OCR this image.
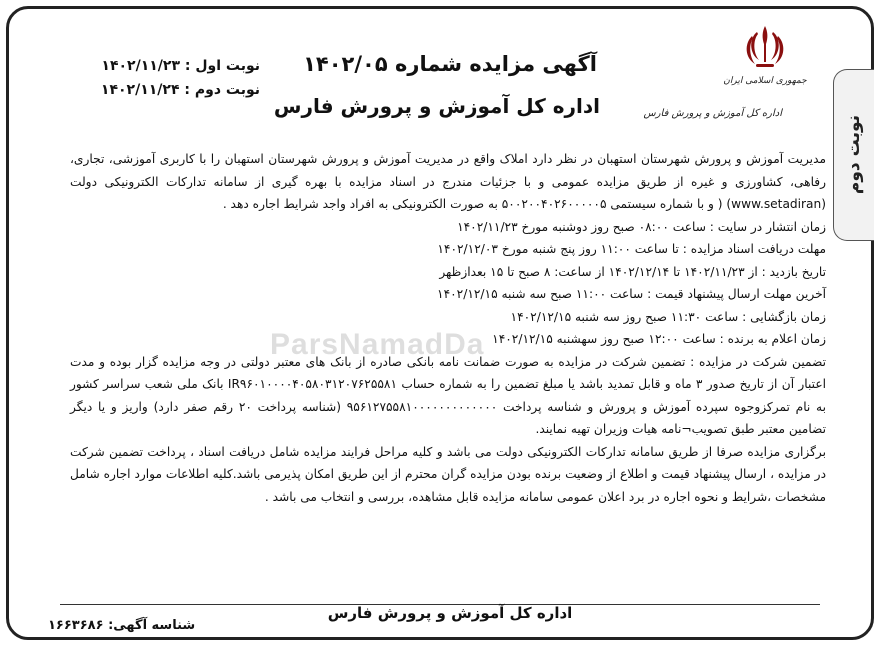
نوبت دوم
جمهوری اسلامی ایران
اداره کل آموزش و پرورش فارس
آگهی مزایده شماره ۱۴۰۲/۰۵
اداره کل آموزش و پرورش فارس
نوبت اول : ۱۴۰۲/۱۱/۲۳
نوبت دوم : ۱۴۰۲/۱۱/۲۴
ParsNamadDa

مدیریت آموزش و پرورش شهرستان استهبان در نظر دارد املاک واقع در مدیریت آموزش و پرورش شهرستان استهبان را با کاربری آموزشی، تجاری، رفاهی، کشاورزی و غیره از طریق مزایده عمومی و با جزئیات مندرج در اسناد مزایده با بهره گیری از سامانه تدارکات الکترونیکی دولت (www.setadiran) ( و با شماره سیستمی ۵۰۰۲۰۰۴۰۲۶۰۰۰۰۰۵ به صورت الکترونیکی به افراد واجد شرایط اجاره دهد .

زمان انتشار در سایت : ساعت ۰۸:۰۰ صبح روز دوشنبه مورخ ۱۴۰۲/۱۱/۲۳

مهلت دریافت اسناد مزایده : تا ساعت ۱۱:۰۰ روز پنج شنبه مورخ ۱۴۰۲/۱۲/۰۳

تاریخ بازدید : از ۱۴۰۲/۱۱/۲۳ تا ۱۴۰۲/۱۲/۱۴ از ساعت: ۸ صبح تا ۱۵ بعدازظهر

آخرین مهلت ارسال پیشنهاد قیمت : ساعت ۱۱:۰۰ صبح سه شنبه ۱۴۰۲/۱۲/۱۵

زمان بازگشایی : ساعت ۱۱:۳۰ صبح روز سه شنبه ۱۴۰۲/۱۲/۱۵

زمان اعلام به برنده : ساعت ۱۲:۰۰ صبح روز سهشنبه ۱۴۰۲/۱۲/۱۵

تضمین شرکت در مزایده : تضمین شرکت در مزایده به صورت ضمانت نامه بانکی صادره از بانک های معتبر دولتی در وجه مزایده گزار بوده و مدت اعتبار آن از تاریخ صدور ۳ ماه و قابل تمدید باشد یا مبلغ تضمین را به شماره حساب IR۹۶۰۱۰۰۰۰۴۰۵۸۰۳۱۲۰۷۶۲۵۵۸۱ بانک ملی شعب سراسر کشور به نام تمرکزوجوه سپرده آموزش و پرورش و شناسه پرداخت ۹۵۶۱۲۷۵۵۸۱۰۰۰۰۰۰۰۰۰۰۰۰۰ (شناسه پرداخت ۲۰ رقم صفر دارد) واریز و یا دیگر تضامین معتبر طبق تصویب¬نامه هیات وزیران تهیه نمایند.

برگزاری مزایده صرفا از طریق سامانه تدارکات الکترونیکی دولت می باشد و کلیه مراحل فرایند مزایده شامل دریافت اسناد ، پرداخت تضمین شرکت در مزایده ، ارسال پیشنهاد قیمت و اطلاع از وضعیت برنده بودن مزایده گران محترم از این طریق امکان پذیرمی باشد.کلیه اطلاعات موارد اجاره شامل مشخصات ،شرایط و نحوه اجاره در برد اعلان عمومی سامانه مزایده قابل مشاهده، بررسی و انتخاب می باشد .

اداره کل آموزش و پرورش فارس
شناسه آگهی: ۱۶۶۳۶۸۶
